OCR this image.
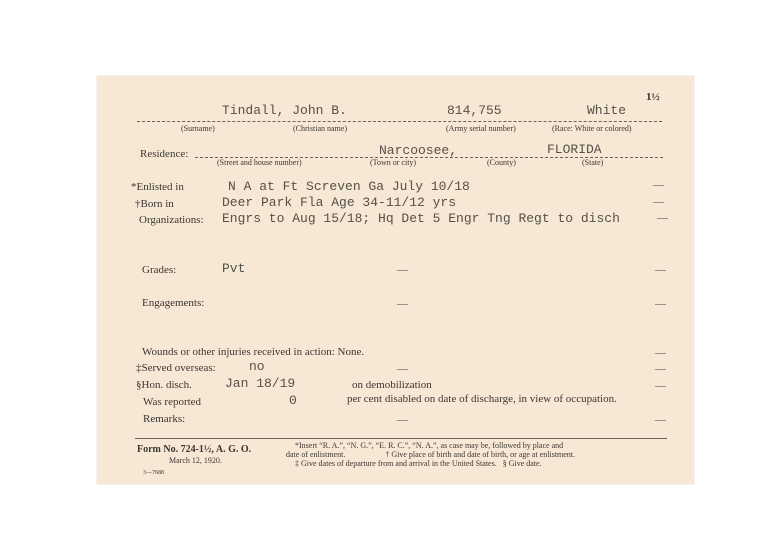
Tindall, John B.	814,755	White
1½
(Surname)	(Christian name)	(Army serial number)	(Race: White or colored)
Residence:	Narcoosee,	FLORIDA
(Street and house number)	(Town or city)	(County)	(State)
*Enlisted in	N A at Ft Screven Ga July 10/18	—
†Born in	Deer Park Fla Age 34-11/12 yrs	—
Organizations: Engrs to Aug 15/18; Hq Det 5 Engr Tng Regt to disch	—
Grades:	Pvt	—	—
Engagements:	—	—
Wounds or other injuries received in action: None.	—
‡Served overseas:	no	—	—
§Hon. disch.	Jan 18/19	on demobilization	—
Was reported	0	per cent disabled on date of discharge, in view of occupation.
Remarks:	—	—
Form No. 724-1½, A. G. O.
March 12, 1920.
3—7688
*Insert “R. A.”, “N. G.”, “E. R. C.”, “N. A.”, as case may be, followed by place and
date of enlistment.                    † Give place of birth and date of birth, or age at enlistment.
‡ Give dates of departure from and arrival in the United States.   § Give date.
